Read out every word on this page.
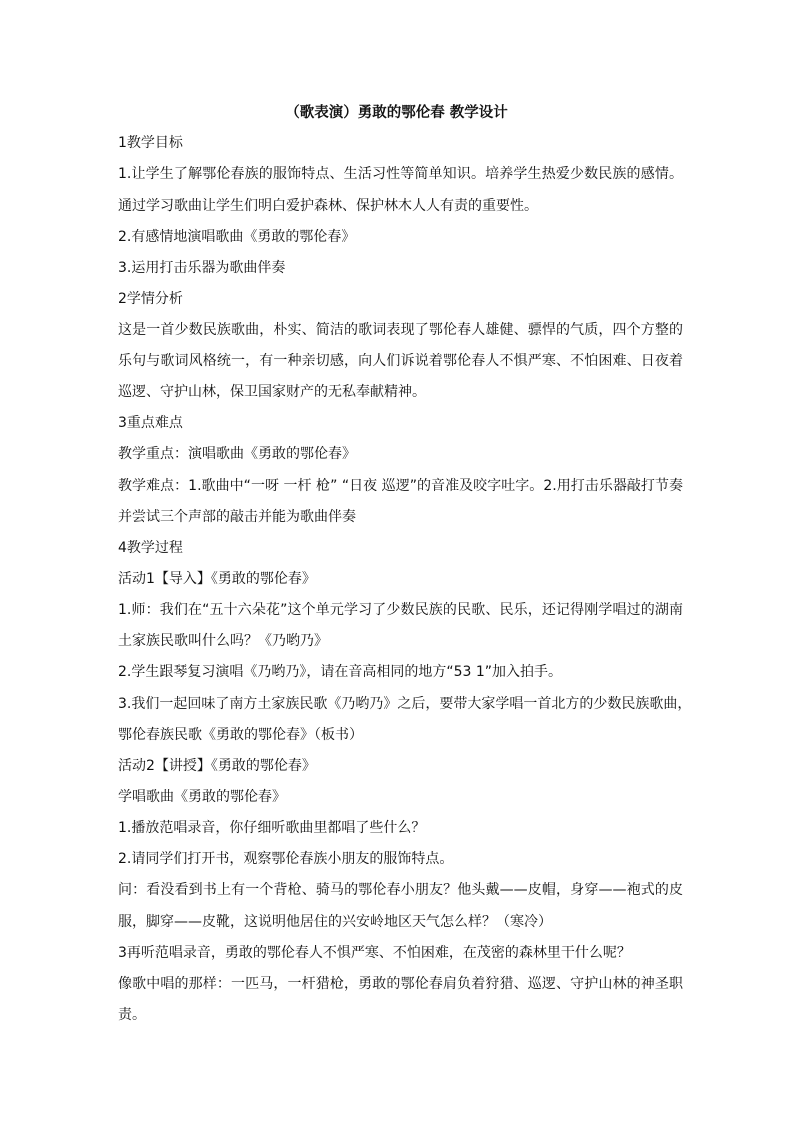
（歌表演）勇敢的鄂伦春 教学设计
1教学目标
1.让学生了解鄂伦春族的服饰特点、生活习性等简单知识。培养学生热爱少数民族的感情。
通过学习歌曲让学生们明白爱护森林、保护林木人人有责的重要性。
2.有感情地演唱歌曲《勇敢的鄂伦春》
3.运用打击乐器为歌曲伴奏
2学情分析
这是一首少数民族歌曲，朴实、简洁的歌词表现了鄂伦春人雄健、骠悍的气质，四个方整的
乐句与歌词风格统一，有一种亲切感，向人们诉说着鄂伦春人不惧严寒、不怕困难、日夜着
巡逻、守护山林，保卫国家财产的无私奉献精神。
3重点难点
教学重点：演唱歌曲《勇敢的鄂伦春》
教学难点：1.歌曲中“一呀 一杆 枪” “日夜 巡逻”的音准及咬字吐字。2.用打击乐器敲打节奏
并尝试三个声部的敲击并能为歌曲伴奏
4教学过程
活动1【导入】《勇敢的鄂伦春》
1.师：我们在“五十六朵花”这个单元学习了少数民族的民歌、民乐，还记得刚学唱过的湖南
土家族民歌叫什么吗？《乃哟乃》
2.学生跟琴复习演唱《乃哟乃》，请在音高相同的地方“53 1”加入拍手。
3.我们一起回味了南方土家族民歌《乃哟乃》之后，要带大家学唱一首北方的少数民族歌曲，
鄂伦春族民歌《勇敢的鄂伦春》（板书）
活动2【讲授】《勇敢的鄂伦春》
学唱歌曲《勇敢的鄂伦春》
1.播放范唱录音，你仔细听歌曲里都唱了些什么？
2.请同学们打开书，观察鄂伦春族小朋友的服饰特点。
问：看没看到书上有一个背枪、骑马的鄂伦春小朋友？他头戴——皮帽，身穿——袍式的皮
服，脚穿——皮靴，这说明他居住的兴安岭地区天气怎么样？（寒冷）
3再听范唱录音，勇敢的鄂伦春人不惧严寒、不怕困难，在茂密的森林里干什么呢？
像歌中唱的那样：一匹马，一杆猎枪，勇敢的鄂伦春肩负着狩猎、巡逻、守护山林的神圣职
责。
